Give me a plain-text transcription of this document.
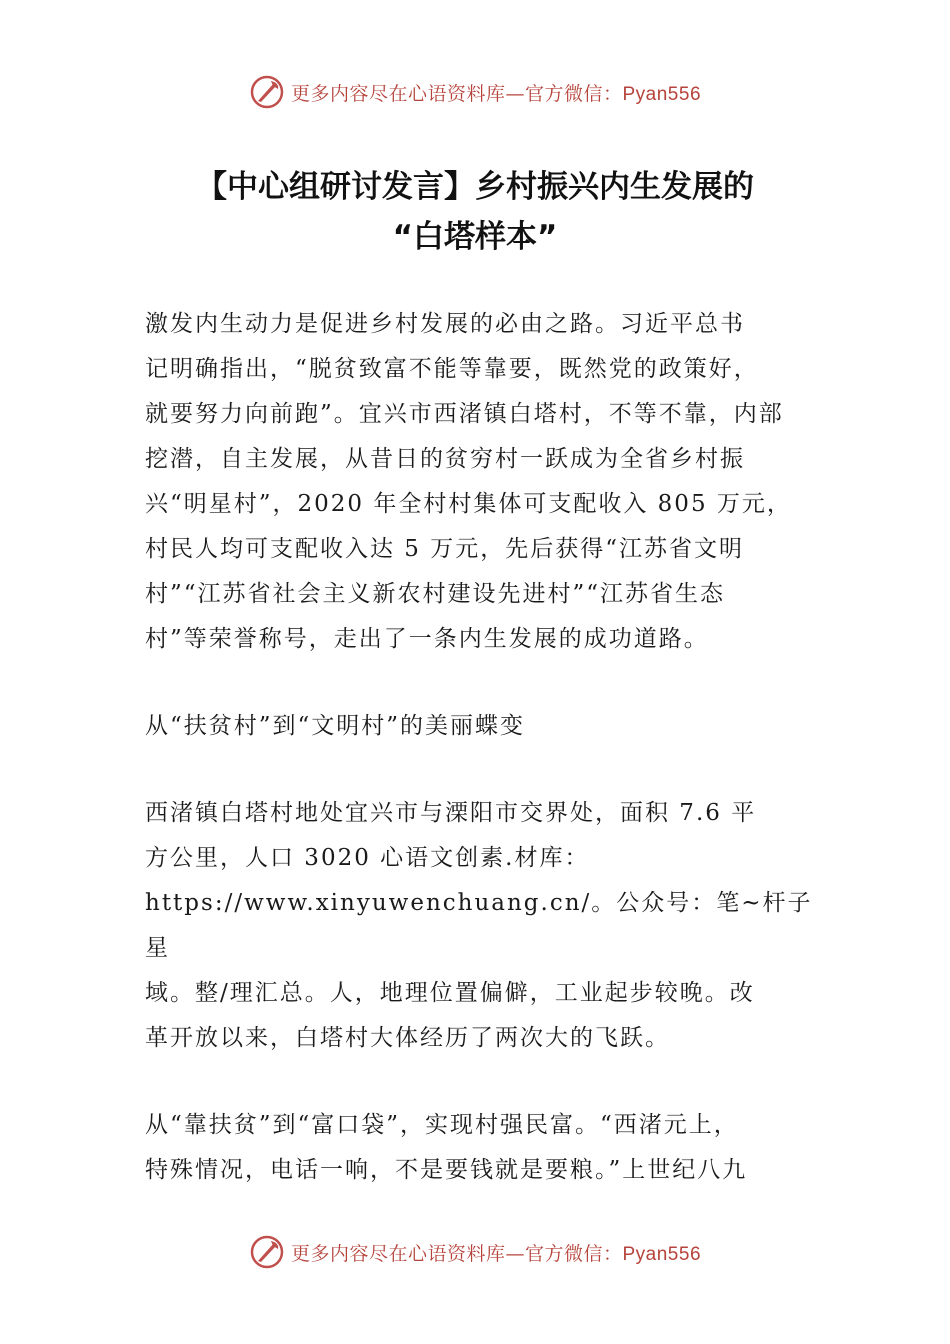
更多内容尽在心语资料库—官方微信：Pyan556
【中心组研讨发言】乡村振兴内生发展的
“白塔样本”

激发内生动力是促进乡村发展的必由之路。习近平总书
记明确指出，“脱贫致富不能等靠要，既然党的政策好，
就要努力向前跑”。宜兴市西渚镇白塔村，不等不靠，内部
挖潜，自主发展，从昔日的贫穷村一跃成为全省乡村振
兴“明星村”，2020 年全村村集体可支配收入 805 万元，
村民人均可支配收入达 5 万元，先后获得“江苏省文明
村”“江苏省社会主义新农村建设先进村”“江苏省生态
村”等荣誉称号，走出了一条内生发展的成功道路。

从“扶贫村”到“文明村”的美丽蝶变

西渚镇白塔村地处宜兴市与溧阳市交界处，面积 7.6 平
方公里，人口 3020 心语文创素.材库：
https://www.xinyuwenchuang.cn/。公众号：笔~杆子星
域。整/理汇总。人，地理位置偏僻，工业起步较晚。改
革开放以来，白塔村大体经历了两次大的飞跃。

从“靠扶贫”到“富口袋”，实现村强民富。“西渚元上，
特殊情况，电话一响，不是要钱就是要粮。”上世纪八九

更多内容尽在心语资料库—官方微信：Pyan556
